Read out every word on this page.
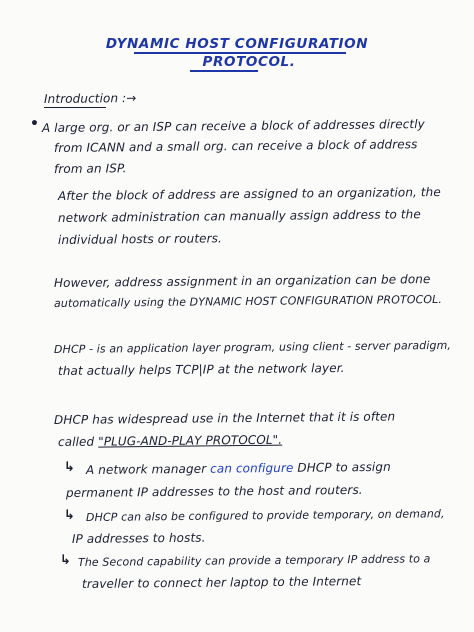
DYNAMIC HOST CONFIGURATION
PROTOCOL.
Introduction :→
• A large org. or an ISP can receive a block of addresses directly
from ICANN and a small org. can receive a block of address
from an ISP.
After the block of address are assigned to an organization, the
network administration can manually assign address to the
individual hosts or routers.
However, address assignment in an organization can be done
automatically using the DYNAMIC HOST CONFIGURATION PROTOCOL.
DHCP - is an application layer program, using client - server paradigm,
that actually helps TCP|IP at the network layer.
DHCP has widespread use in the Internet that it is often
called "PLUG-AND-PLAY PROTOCOL".
↳ A network manager can configure DHCP to assign
permanent IP addresses to the host and routers.
↳ DHCP can also be configured to provide temporary, on demand,
IP addresses to hosts.
↳ The Second capability can provide a temporary IP address to a
traveller to connect her laptop to the Internet
